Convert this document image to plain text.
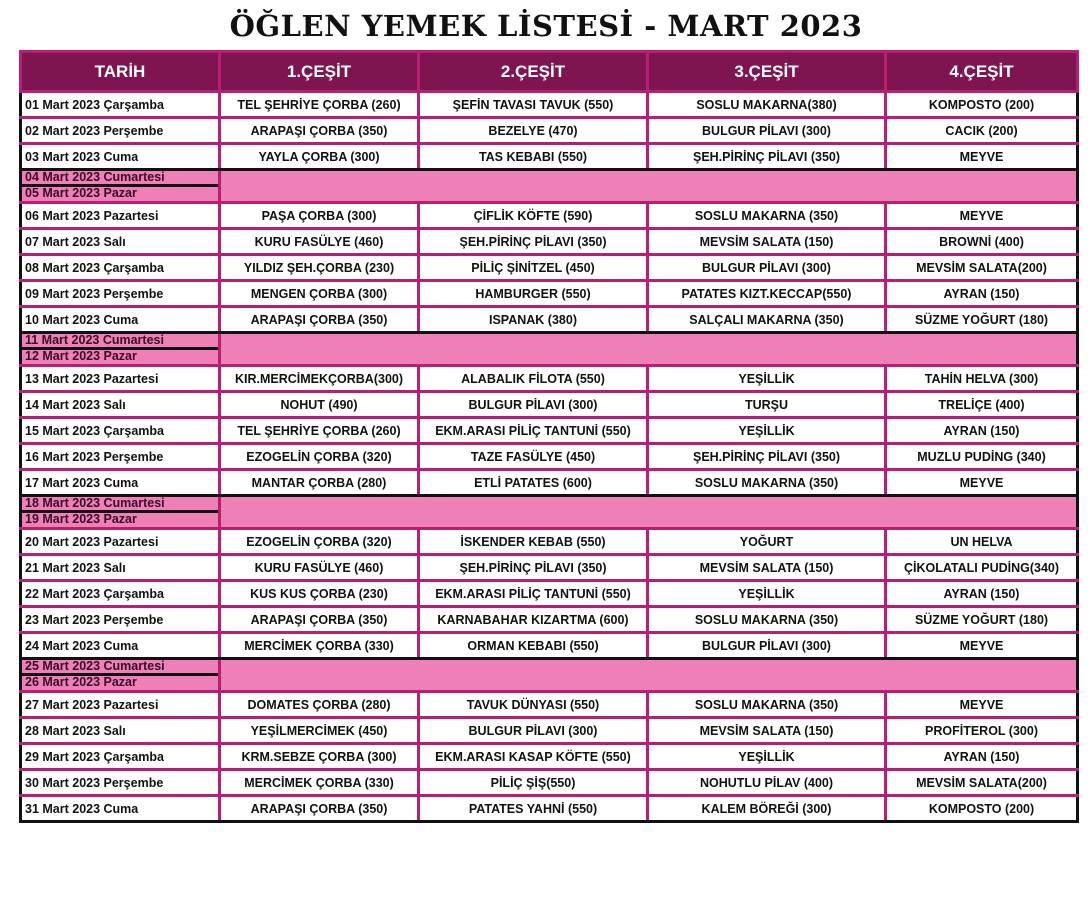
ÖĞLEN YEMEK LİSTESİ - MART 2023
TARİH	1.ÇEŞİT	2.ÇEŞİT	3.ÇEŞİT	4.ÇEŞİT
01 Mart 2023 Çarşamba	TEL ŞEHRİYE ÇORBA (260)	ŞEFİN TAVASI TAVUK (550)	SOSLU MAKARNA(380)	KOMPOSTO (200)
02 Mart 2023 Perşembe	ARAPAŞI ÇORBA (350)	BEZELYE (470)	BULGUR PİLAVI (300)	CACIK (200)
03 Mart 2023 Cuma	YAYLA ÇORBA (300)	TAS KEBABI (550)	ŞEH.PİRİNÇ PİLAVI (350)	MEYVE

04 Mart 2023 Cumartesi
05 Mart 2023 Pazar				

06 Mart 2023 Pazartesi	PAŞA ÇORBA (300)	ÇİFLİK KÖFTE (590)	SOSLU MAKARNA (350)	MEYVE
07 Mart 2023 Salı	KURU FASÜLYE (460)	ŞEH.PİRİNÇ PİLAVI (350)	MEVSİM SALATA (150)	BROWNİ (400)
08 Mart 2023 Çarşamba	YILDIZ ŞEH.ÇORBA (230)	PİLİÇ ŞİNİTZEL (450)	BULGUR PİLAVI (300)	MEVSİM SALATA(200)
09 Mart 2023 Perşembe	MENGEN ÇORBA (300)	HAMBURGER (550)	PATATES KIZT.KECCAP(550)	AYRAN (150)
10 Mart 2023 Cuma	ARAPAŞI ÇORBA (350)	ISPANAK (380)	SALÇALI MAKARNA (350)	SÜZME YOĞURT (180)

11 Mart 2023 Cumartesi
12 Mart 2023 Pazar				

13 Mart 2023 Pazartesi	KIR.MERCİMEKÇORBA(300)	ALABALIK FİLOTA (550)	YEŞİLLİK	TAHİN HELVA (300)
14 Mart 2023 Salı	NOHUT (490)	BULGUR PİLAVI (300)	TURŞU	TRELİÇE (400)
15 Mart 2023 Çarşamba	TEL ŞEHRİYE ÇORBA (260)	EKM.ARASI PİLİÇ TANTUNİ (550)	YEŞİLLİK	AYRAN (150)
16 Mart 2023 Perşembe	EZOGELİN ÇORBA (320)	TAZE FASÜLYE (450)	ŞEH.PİRİNÇ PİLAVI (350)	MUZLU PUDİNG (340)
17 Mart 2023 Cuma	MANTAR ÇORBA (280)	ETLİ PATATES (600)	SOSLU MAKARNA (350)	MEYVE

18 Mart 2023 Cumartesi
19 Mart 2023 Pazar				

20 Mart 2023 Pazartesi	EZOGELİN ÇORBA (320)	İSKENDER KEBAB (550)	YOĞURT	UN HELVA
21 Mart 2023 Salı	KURU FASÜLYE (460)	ŞEH.PİRİNÇ PİLAVI (350)	MEVSİM SALATA (150)	ÇİKOLATALI PUDİNG(340)
22 Mart 2023 Çarşamba	KUS KUS ÇORBA (230)	EKM.ARASI PİLİÇ TANTUNİ (550)	YEŞİLLİK	AYRAN (150)
23 Mart 2023 Perşembe	ARAPAŞI ÇORBA (350)	KARNABAHAR KIZARTMA (600)	SOSLU MAKARNA (350)	SÜZME YOĞURT (180)
24 Mart 2023 Cuma	MERCİMEK ÇORBA (330)	ORMAN KEBABI (550)	BULGUR PİLAVI (300)	MEYVE

25 Mart 2023 Cumartesi
26 Mart 2023 Pazar				

27 Mart 2023 Pazartesi	DOMATES ÇORBA (280)	TAVUK DÜNYASI (550)	SOSLU MAKARNA (350)	MEYVE
28 Mart 2023 Salı	YEŞİLMERCİMEK (450)	BULGUR PİLAVI (300)	MEVSİM SALATA (150)	PROFİTEROL (300)
29 Mart 2023 Çarşamba	KRM.SEBZE ÇORBA (300)	EKM.ARASI KASAP KÖFTE (550)	YEŞİLLİK	AYRAN (150)
30 Mart 2023 Perşembe	MERCİMEK ÇORBA (330)	PİLİÇ ŞİŞ(550)	NOHUTLU PİLAV (400)	MEVSİM SALATA(200)
31 Mart 2023 Cuma	ARAPAŞI ÇORBA (350)	PATATES YAHNİ (550)	KALEM BÖREĞİ (300)	KOMPOSTO (200)
